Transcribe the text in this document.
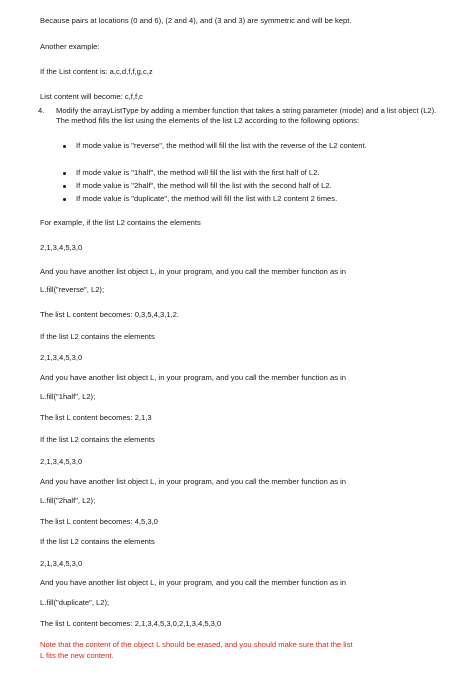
Because pairs at locations (0 and 6), (2 and 4), and (3 and 3) are symmetric and will be kept.
Another example:
If the List content is: a,c,d,f,f,g,c,z
List content will become: c,f,f,c
4. Modify the arrayListType by adding a member function that takes a string parameter (mode) and a list object (L2). The method fills the list using the elements of the list L2 according to the following options:
If mode value is "reverse", the method will fill the list with the reverse of the L2 content.
If mode value is "1half", the method will fill the list with the first half of L2.
If mode value is "2half", the method will fill the list with the second half of L2.
If mode value is "duplicate", the method will fill the list with L2 content 2 times.
For example, if the list L2 contains the elements
2,1,3,4,5,3,0
And you have another list object L, in your program, and you call the member function as in
L.fill("reverse", L2);
The list L content becomes: 0,3,5,4,3,1,2.
If the list L2 contains the elements
2,1,3,4,5,3,0
And you have another list object L, in your program, and you call the member function as in
L.fill("1half", L2);
The list L content becomes: 2,1,3
If the list L2 contains the elements
2,1,3,4,5,3,0
And you have another list object L, in your program, and you call the member function as in
L.fill("2half", L2);
The list L content becomes: 4,5,3,0
If the list L2 contains the elements
2,1,3,4,5,3,0
And you have another list object L, in your program, and you call the member function as in
L.fill("duplicate", L2);
The list L content becomes: 2,1,3,4,5,3,0,2,1,3,4,5,3,0
Note that the content of the object L should be erased, and you should make sure that the list
L fits the new content.
